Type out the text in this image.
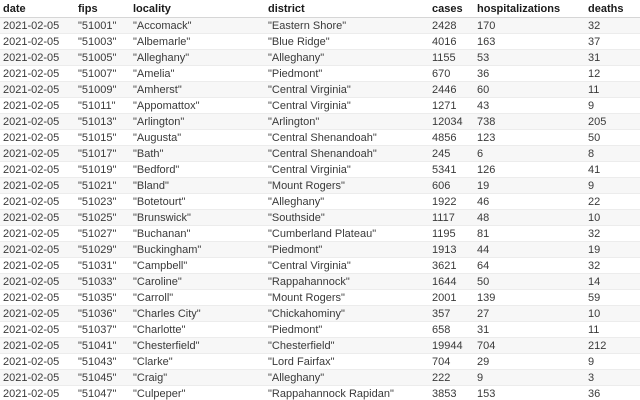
date	fips	locality	district	cases	hospitalizations	deaths
2021-02-05	"51001"	"Accomack"	"Eastern Shore"	2428	170	32
2021-02-05	"51003"	"Albemarle"	"Blue Ridge"	4016	163	37
2021-02-05	"51005"	"Alleghany"	"Alleghany"	1155	53	31
2021-02-05	"51007"	"Amelia"	"Piedmont"	670	36	12
2021-02-05	"51009"	"Amherst"	"Central Virginia"	2446	60	11
2021-02-05	"51011"	"Appomattox"	"Central Virginia"	1271	43	9
2021-02-05	"51013"	"Arlington"	"Arlington"	12034	738	205
2021-02-05	"51015"	"Augusta"	"Central Shenandoah"	4856	123	50
2021-02-05	"51017"	"Bath"	"Central Shenandoah"	245	6	8
2021-02-05	"51019"	"Bedford"	"Central Virginia"	5341	126	41
2021-02-05	"51021"	"Bland"	"Mount Rogers"	606	19	9
2021-02-05	"51023"	"Botetourt"	"Alleghany"	1922	46	22
2021-02-05	"51025"	"Brunswick"	"Southside"	1117	48	10
2021-02-05	"51027"	"Buchanan"	"Cumberland Plateau"	1195	81	32
2021-02-05	"51029"	"Buckingham"	"Piedmont"	1913	44	19
2021-02-05	"51031"	"Campbell"	"Central Virginia"	3621	64	32
2021-02-05	"51033"	"Caroline"	"Rappahannock"	1644	50	14
2021-02-05	"51035"	"Carroll"	"Mount Rogers"	2001	139	59
2021-02-05	"51036"	"Charles City"	"Chickahominy"	357	27	10
2021-02-05	"51037"	"Charlotte"	"Piedmont"	658	31	11
2021-02-05	"51041"	"Chesterfield"	"Chesterfield"	19944	704	212
2021-02-05	"51043"	"Clarke"	"Lord Fairfax"	704	29	9
2021-02-05	"51045"	"Craig"	"Alleghany"	222	9	3
2021-02-05	"51047"	"Culpeper"	"Rappahannock Rapidan"	3853	153	36
